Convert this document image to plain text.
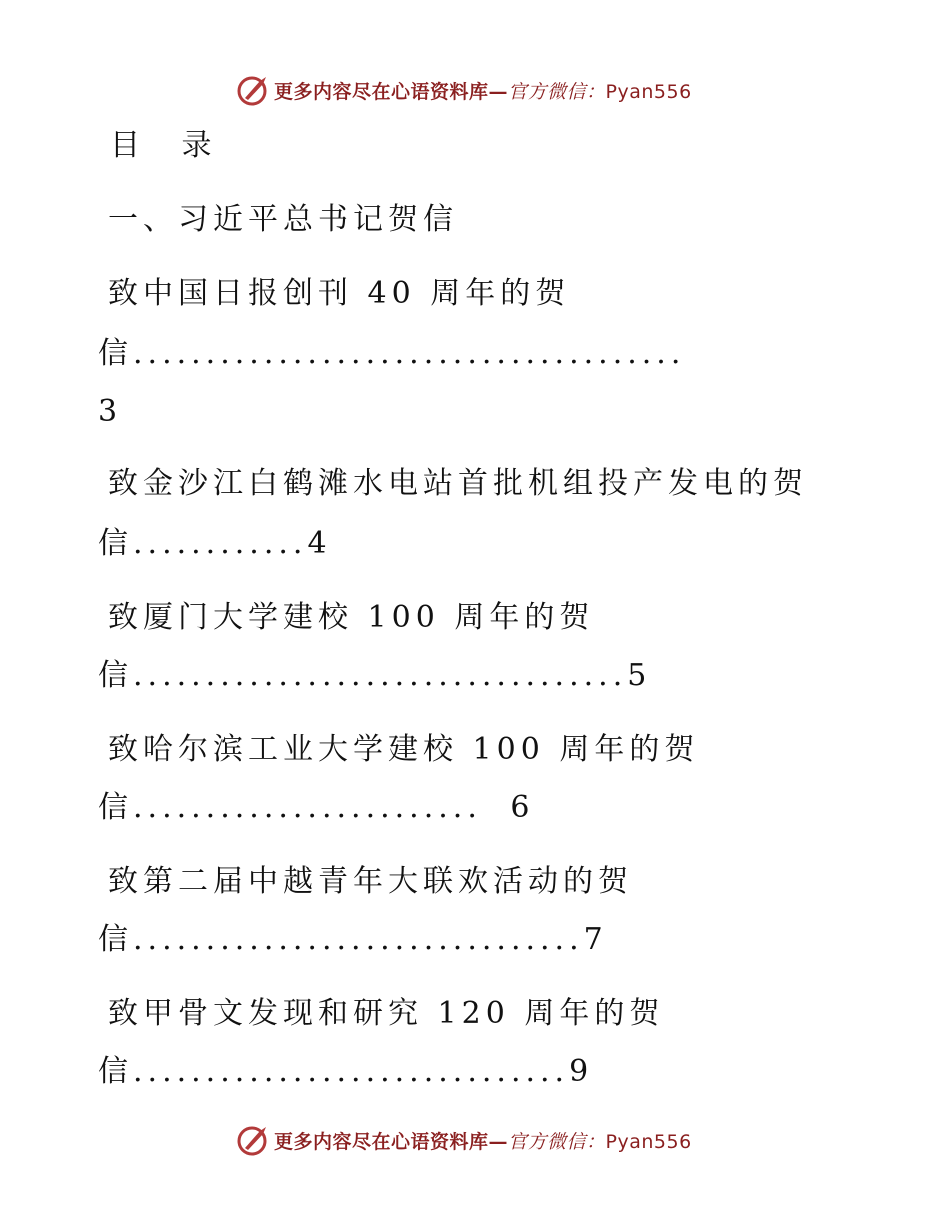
更多内容尽在心语资料库—官方微信：Pyan556
目 录
一、习近平总书记贺信
致中国日报创刊 40 周年的贺
信......................................
3
致金沙江白鹤滩水电站首批机组投产发电的贺
信............4
致厦门大学建校 100 周年的贺
信..................................5
致哈尔滨工业大学建校 100 周年的贺
信........................ 6
致第二届中越青年大联欢活动的贺
信...............................7
致甲骨文发现和研究 120 周年的贺
信..............................9
更多内容尽在心语资料库—官方微信：Pyan556
